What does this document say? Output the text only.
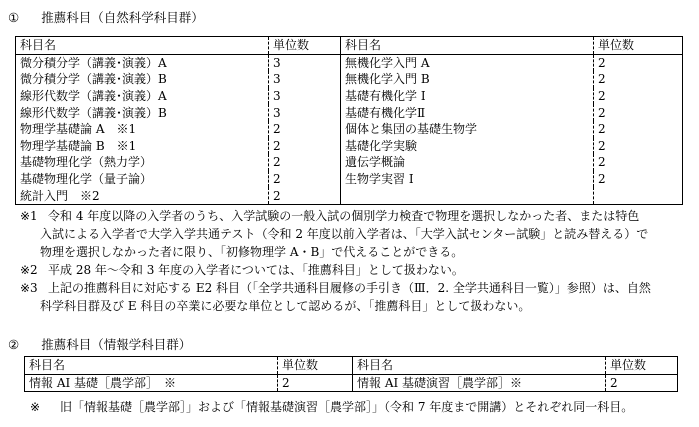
① 推薦科目（自然科学科目群）
科目名	単位数	科目名	単位数
微分積分学（講義･演義）A	3	無機化学入門 A	2
微分積分学（講義･演義）B	3	無機化学入門 B	2
線形代数学（講義･演義）A	3	基礎有機化学 I	2
線形代数学（講義･演義）B	3	基礎有機化学Ⅱ	2
物理学基礎論 A　※1	2	個体と集団の基礎生物学	2
物理学基礎論 B　※1	2	基礎化学実験	2
基礎物理化学（熱力学）	2	遺伝学概論	2
基礎物理化学（量子論）	2	生物学実習 I	2
統計入門　※2	2		
※1 令和 4 年度以降の入学者のうち、入学試験の一般入試の個別学力検査で物理を選択しなかった者、または特色
入試による入学者で大学入学共通テスト（令和 2 年度以前入学者は、「大学入試センター試験」と読み替える）で
物理を選択しなかった者に限り、「初修物理学 A・B」で代えることができる。
※2 平成 28 年～令和 3 年度の入学者については、「推薦科目」として扱わない。
※3 上記の推薦科目に対応する E2 科目（「全学共通科目履修の手引き（Ⅲ．2. 全学共通科目一覧）」参照）は、自然
科学科目群及び E 科目の卒業に必要な単位として認めるが、「推薦科目」として扱わない。
② 推薦科目（情報学科目群）
科目名	単位数	科目名	単位数
情報 AI 基礎［農学部］　※	2	情報 AI 基礎演習［農学部］※	2
※ 旧「情報基礎［農学部］」および「情報基礎演習［農学部］」（令和 7 年度まで開講）とそれぞれ同一科目。
